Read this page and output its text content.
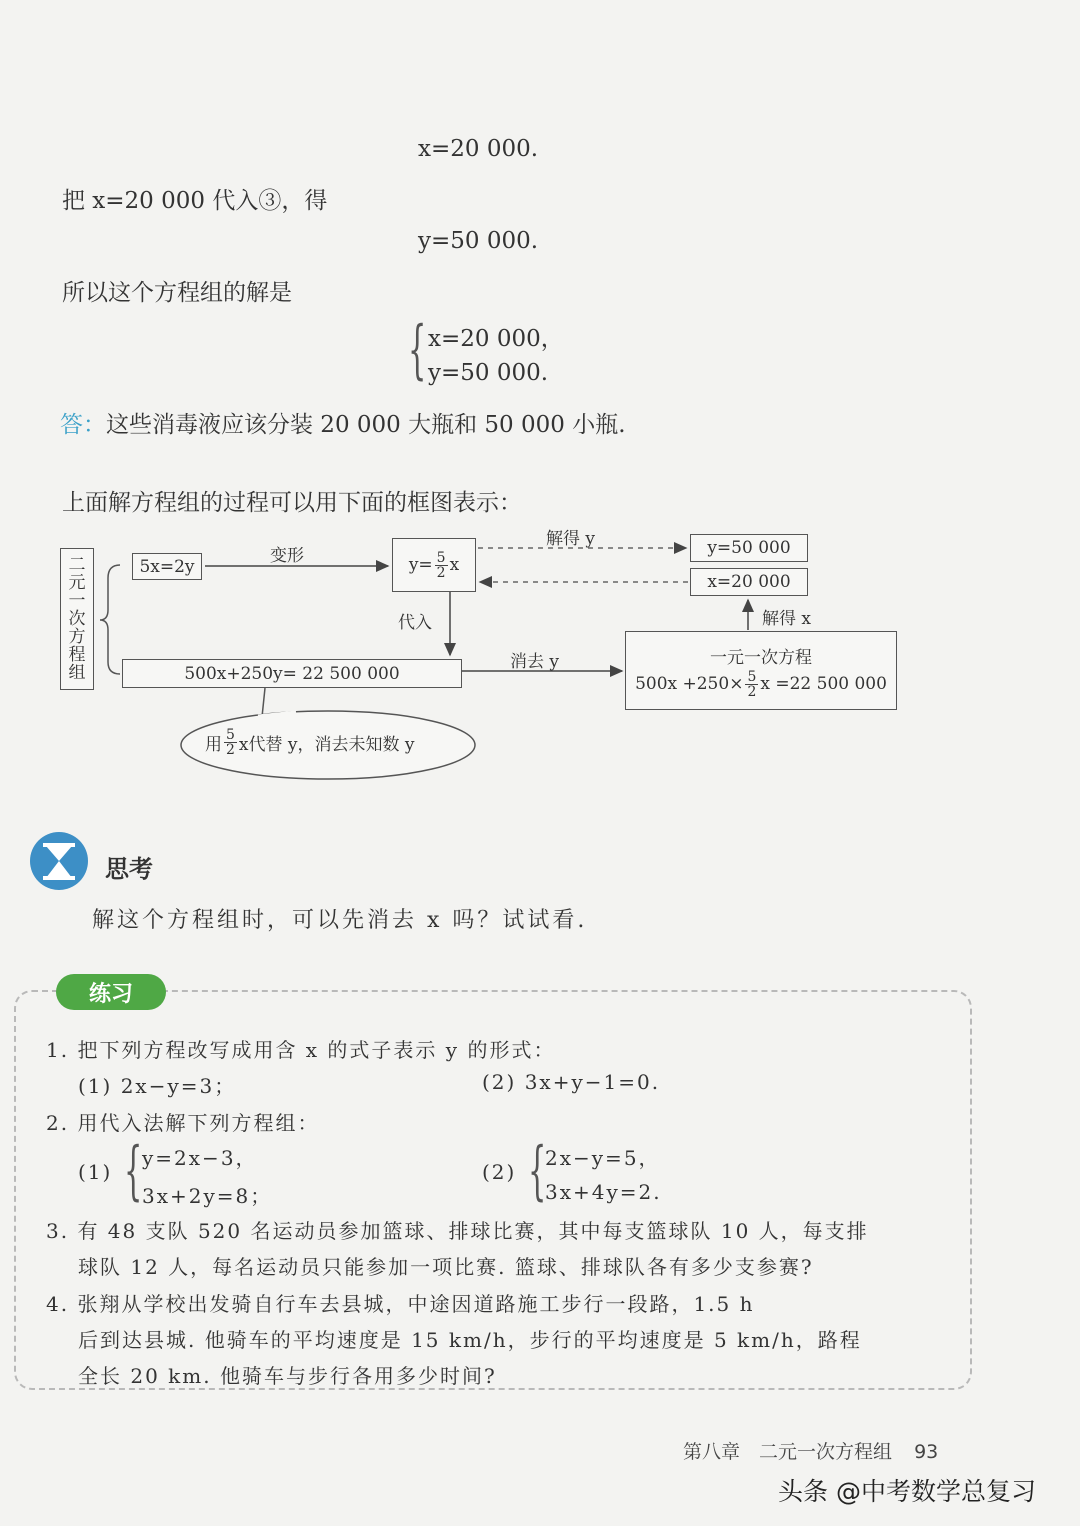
x=20 000.
把 x=20 000 代入③，得
y=50 000.
所以这个方程组的解是
{ x=20 000，
y=50 000.
答：这些消毒液应该分装 20 000 大瓶和 50 000 小瓶.
上面解方程组的过程可以用下面的框图表示：
二
元
一
次
方
程
组
5x=2y
变形	$y= \frac{5}{2}$ x
解得 y	y=50 000
x=20 000
解得 x
代入
消去 y
500x+250y= 22 500 000
一元一次方程
$500x +250\times \frac{5}{2}$ x =22 500 000
用 $\frac{5}{2}$ x代替 y，消去未知数 y
思考
解这个方程组时，可以先消去 x 吗？试试看.
练习
1. 把下列方程改写成用含 x 的式子表示 y 的形式：
(1) 2x−y=3；	(2) 3x+y−1=0.
2. 用代入法解下列方程组：
(1) { y=2x−3，
3x+2y=8；
(2) {
2x−y=5，
3x+4y=2.
3. 有 48 支队 520 名运动员参加篮球、排球比赛，其中每支篮球队 10 人，每支排
球队 12 人，每名运动员只能参加一项比赛. 篮球、排球队各有多少支参赛?
4. 张翔从学校出发骑自行车去县城，中途因道路施工步行一段路，1.5 h
后到达县城. 他骑车的平均速度是 15 km/h，步行的平均速度是 5 km/h，路程
全长 20 km. 他骑车与步行各用多少时间?
第八章　二元一次方程组 93
头条 @中考数学总复习
